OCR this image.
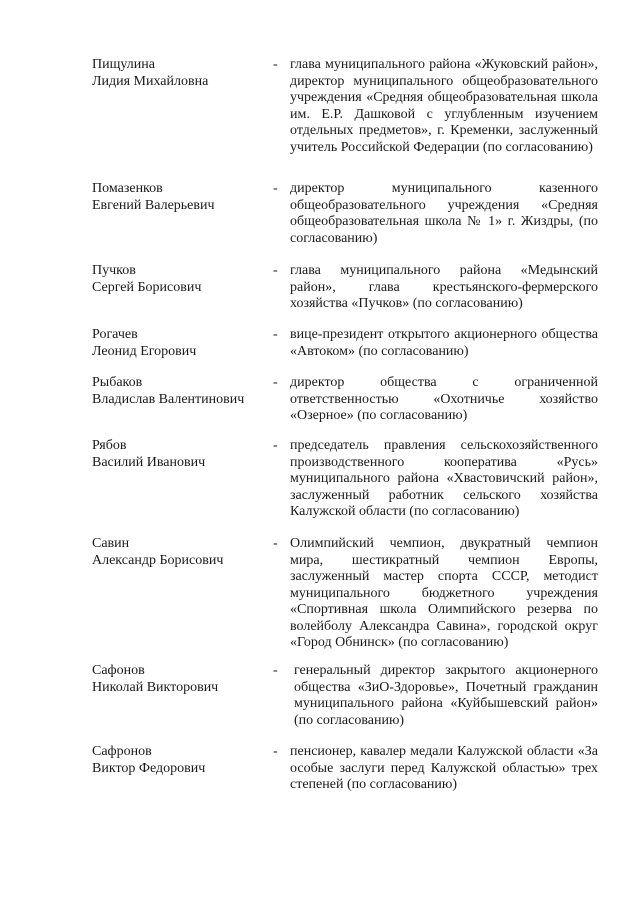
Пищулина
Лидия Михайловна
- глава муниципального района «Жуковский район», директор муниципального общеобразовательного учреждения «Средняя общеобразовательная школа им. Е.Р. Дашковой с углубленным изучением отдельных предметов», г. Кременки, заслуженный учитель Российской Федерации (по согласованию)
Помазенков
Евгений Валерьевич
- директор муниципального казенного общеобразовательного учреждения «Средняя общеобразовательная школа № 1» г. Жиздры, (по согласованию)
Пучков
Сергей Борисович
- глава муниципального района «Медынский район», глава крестьянского-фермерского хозяйства «Пучков» (по согласованию)
Рогачев
Леонид Егорович
- вице-президент открытого акционерного общества «Автоком» (по согласованию)
Рыбаков
Владислав Валентинович
- директор общества с ограниченной ответственностью «Охотничье хозяйство «Озерное» (по согласованию)
Рябов
Василий Иванович
- председатель правления сельскохозяйственного производственного кооператива «Русь» муниципального района «Хвастовичский район», заслуженный работник сельского хозяйства Калужской области (по согласованию)
Савин
Александр Борисович
- Олимпийский чемпион, двукратный чемпион мира, шестикратный чемпион Европы, заслуженный мастер спорта СССР, методист муниципального бюджетного учреждения «Спортивная школа Олимпийского резерва по волейболу Александра Савина», городской округ «Город Обнинск» (по согласованию)
Сафонов
Николай Викторович
-	генеральный директор закрытого акционерного общества «ЗиО-Здоровье», Почетный гражданин муниципального района «Куйбышевский район» (по согласованию)
Сафронов
Виктор Федорович
- пенсионер, кавалер медали Калужской области «За особые заслуги перед Калужской областью» трех степеней (по согласованию)
